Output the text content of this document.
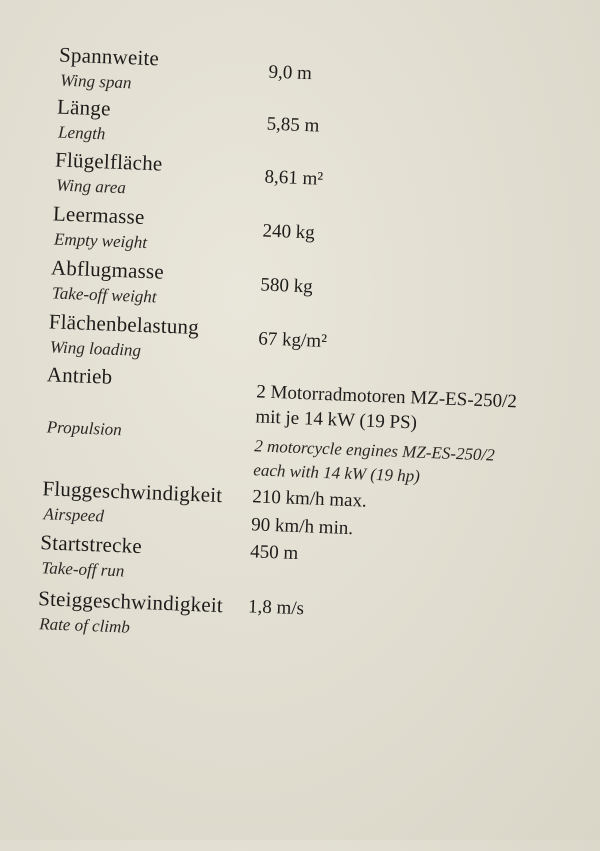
Spannweite
Wing span	9,0 m
Länge
Length	5,85 m
Flügelfläche
Wing area	8,61 m²
Leermasse
Empty weight	240 kg
Abflugmasse
Take-off weight	580 kg
Flächenbelastung
Wing loading	67 kg/m²
Antrieb
2 Motorradmotoren MZ-ES-250/2
mit je 14 kW (19 PS)
Propulsion
2 motorcycle engines MZ-ES-250/2
each with 14 kW (19 hp)
Fluggeschwindigkeit 210 km/h max.
Airspeed	90 km/h min.
Startstrecke	450 m
Take-off run
Steiggeschwindigkeit 1,8 m/s
Rate of climb
